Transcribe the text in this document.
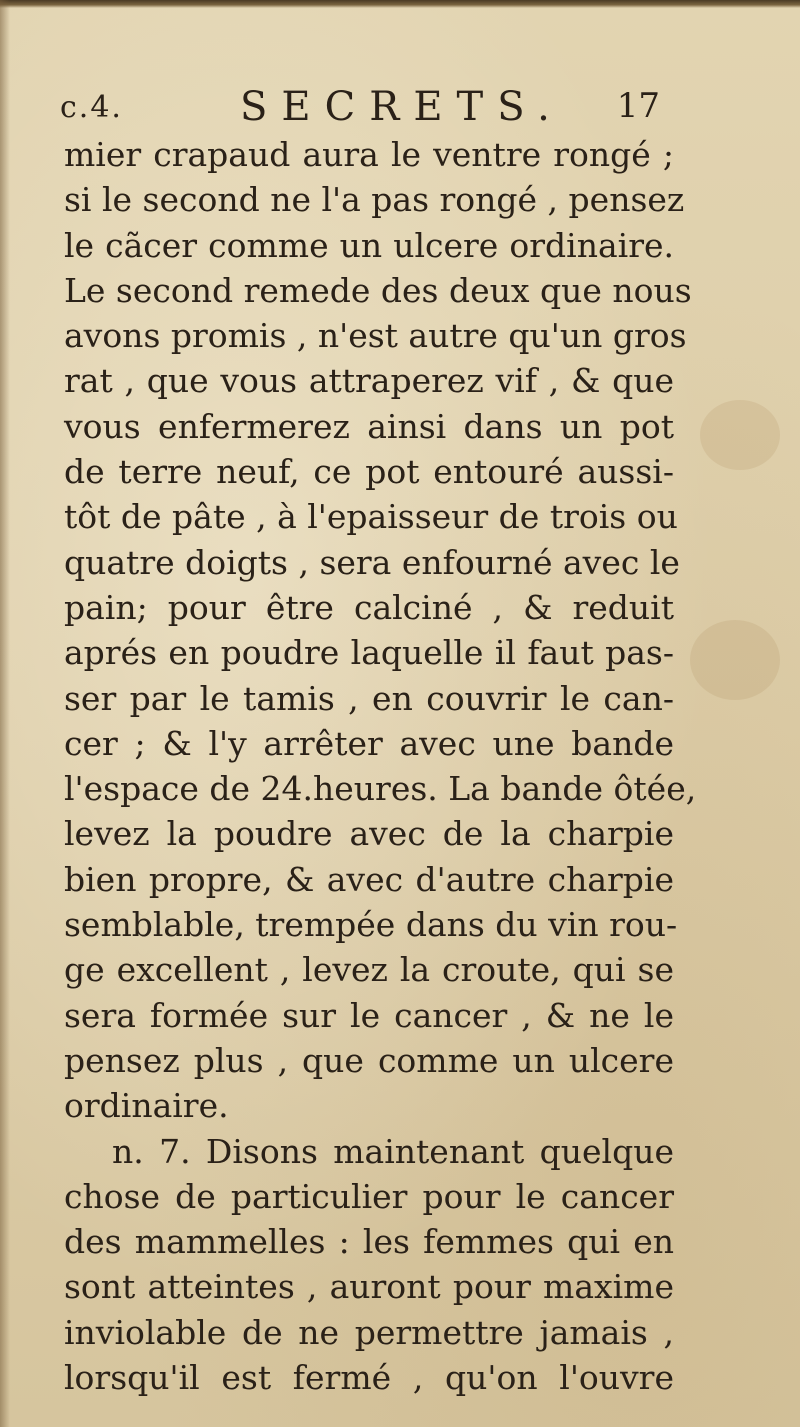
c.4.	SECRETS. 17
mier crapaud aura le ventre rongé ;
si le second ne l'a pas rongé , pensez
le cãcer comme un ulcere ordinaire.
Le second remede des deux que nous
avons promis , n'est autre qu'un gros
rat , que vous attraperez vif , & que
vous enfermerez ainsi dans un pot
de terre neuf, ce pot entouré aussi-
tôt de pâte , à l'epaisseur de trois ou
quatre doigts , sera enfourné avec le
pain; pour être calciné , & reduit
aprés en poudre laquelle il faut pas-
ser par le tamis , en couvrir le can-
cer ; & l'y arrêter avec une bande
l'espace de 24.heures. La bande ôtée,
levez la poudre avec de la charpie
bien propre, & avec d'autre charpie
semblable, trempée dans du vin rou-
ge excellent , levez la croute, qui se
sera formée sur le cancer , & ne le
pensez plus , que comme un ulcere
ordinaire.
n. 7. Disons maintenant quelque
chose de particulier pour le cancer
des mammelles : les femmes qui en
sont atteintes , auront pour maxime
inviolable de ne permettre jamais ,
lorsqu'il est fermé , qu'on l'ouvre
